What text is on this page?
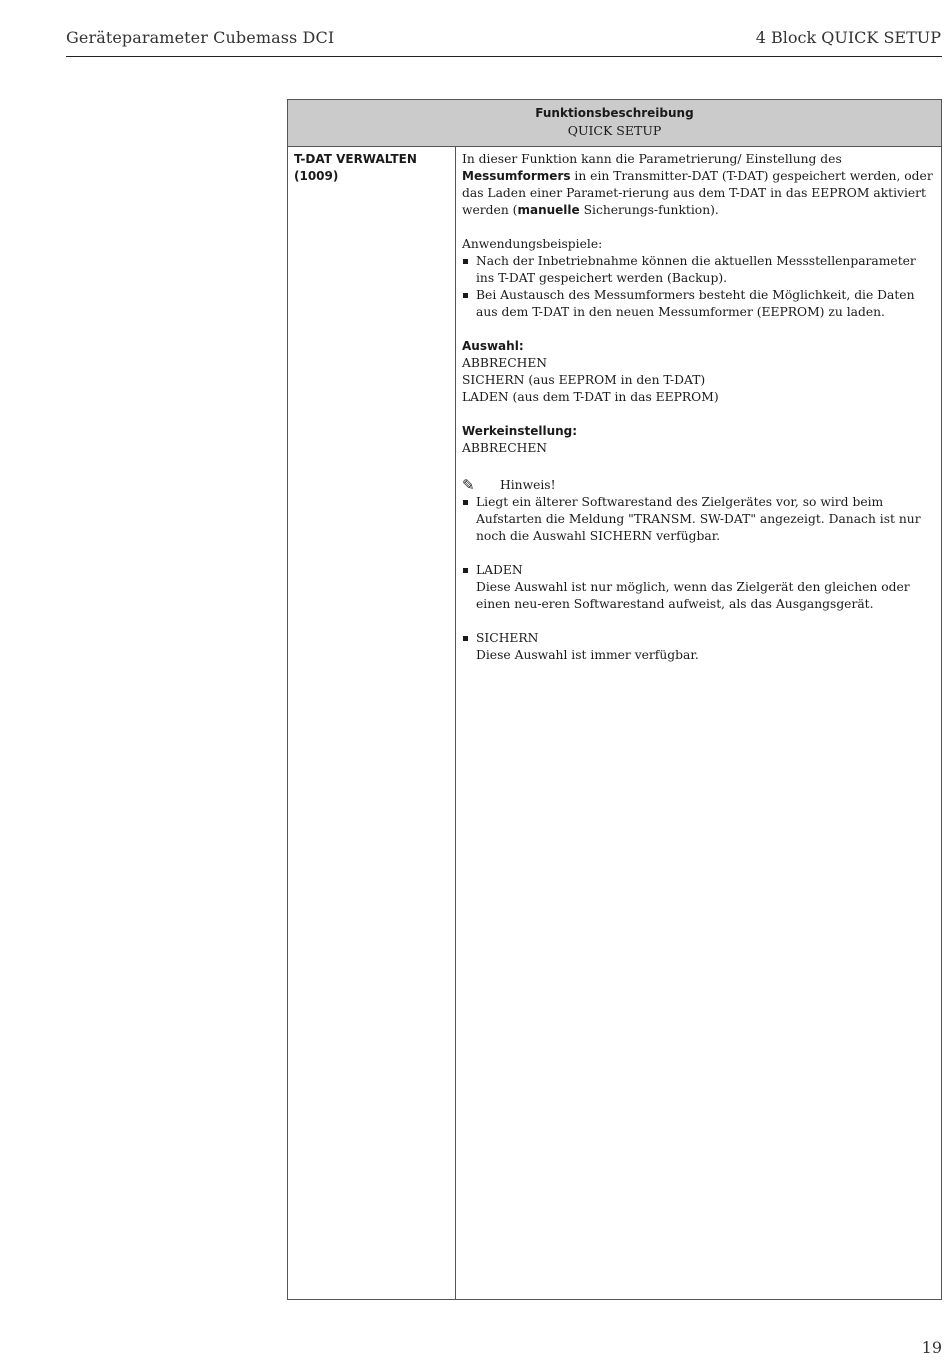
Geräteparameter Cubemass DCI	4 Block QUICK SETUP
Funktionsbeschreibung
QUICK SETUP
T-DAT VERWALTEN
(1009)

In dieser Funktion kann die Parametrierung/ Einstellung des Messumformers in ein Transmitter-DAT (T-DAT) gespeichert werden, oder das Laden einer Paramet-rierung aus dem T-DAT in das EEPROM aktiviert werden (manuelle Sicherungs-funktion).

Anwendungsbeispiele:

Nach der Inbetriebnahme können die aktuellen Messstellenparameter ins T-DAT gespeichert werden (Backup).

Bei Austausch des Messumformers besteht die Möglichkeit, die Daten aus dem T-DAT in den neuen Messumformer (EEPROM) zu laden.

Auswahl:

ABBRECHEN

SICHERN (aus EEPROM in den T-DAT)

LADEN (aus dem T-DAT in das EEPROM)

Werkeinstellung:

ABBRECHEN

✎	Hinweis!

Liegt ein älterer Softwarestand des Zielgerätes vor, so wird beim Aufstarten die Meldung "TRANSM. SW-DAT" angezeigt. Danach ist nur noch die Auswahl SICHERN verfügbar.

LADEN
Diese Auswahl ist nur möglich, wenn das Zielgerät den gleichen oder einen neu-eren Softwarestand aufweist, als das Ausgangsgerät.

SICHERN
Diese Auswahl ist immer verfügbar.

19
